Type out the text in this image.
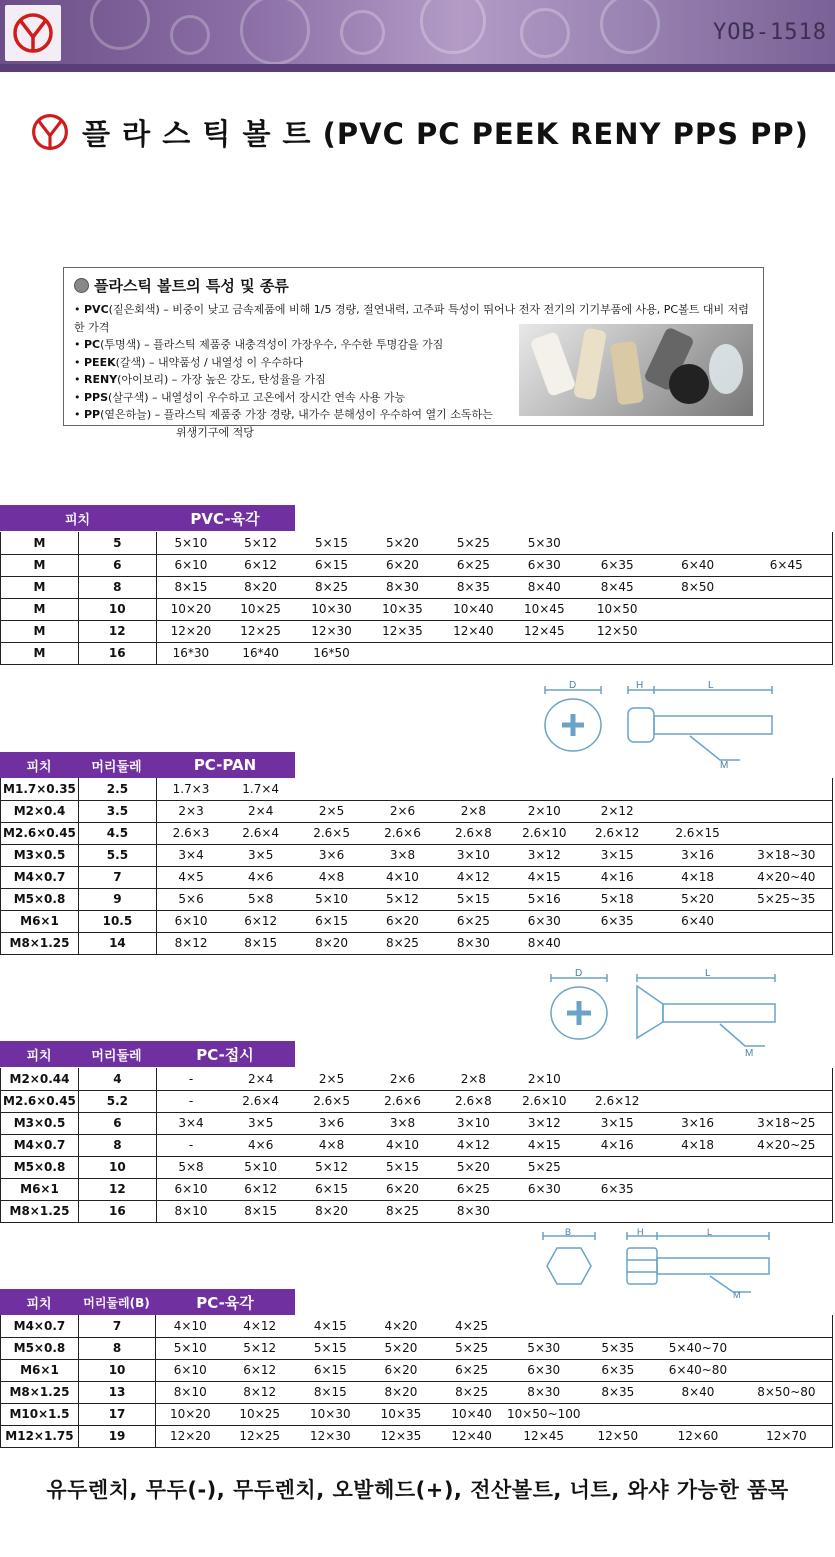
YOB-1518
플 라 스 틱 볼 트 (PVC PC PEEK RENY PPS PP)
플라스틱 볼트의 특성 및 종류
• PVC(짙은회색) – 비중이 낮고 금속제품에 비해 1/5 경량, 절연내력, 고주파 특성이 뛰어나 전자 전기의 기기부품에 사용, PC볼트 대비 저렴한 가격
• PC(투명색) – 플라스틱 제품중 내충격성이 가장우수, 우수한 투명감을 가짐
• PEEK(갈색) – 내약품성 / 내열성 이 우수하다
• RENY(아이보리) – 가장 높은 강도, 탄성율을 가짐
• PPS(살구색) – 내열성이 우수하고 고온에서 장시간 연속 사용 가능
• PP(옅은하늘) – 플라스틱 제품중 가장 경량, 내가수 분해성이 우수하여 열기 소독하는
위생기구에 적당
피치	PVC-육각
M	5	5×10	5×12	5×15	5×20	5×25	5×30			
M	6	6×10	6×12	6×15	6×20	6×25	6×30	6×35	6×40	6×45
M	8	8×15	8×20	8×25	8×30	8×35	8×40	8×45	8×50	
M	10	10×20	10×25	10×30	10×35	10×40	10×45	10×50		
M	12	12×20	12×25	12×30	12×35	12×40	12×45	12×50		
M	16	16*30	16*40	16*50						
D	H	L
M
피치	머리둘레	PC-PAN
M1.7×0.35	2.5	1.7×3	1.7×4							
M2×0.4	3.5	2×3	2×4	2×5	2×6	2×8	2×10	2×12		
M2.6×0.45	4.5	2.6×3	2.6×4	2.6×5	2.6×6	2.6×8	2.6×10	2.6×12	2.6×15	
M3×0.5	5.5	3×4	3×5	3×6	3×8	3×10	3×12	3×15	3×16	3×18~30
M4×0.7	7	4×5	4×6	4×8	4×10	4×12	4×15	4×16	4×18	4×20~40
M5×0.8	9	5×6	5×8	5×10	5×12	5×15	5×16	5×18	5×20	5×25~35
M6×1	10.5	6×10	6×12	6×15	6×20	6×25	6×30	6×35	6×40	
M8×1.25	14	8×12	8×15	8×20	8×25	8×30	8×40			
D	L
M
피치	머리둘레	PC-접시
M2×0.44	4	-	2×4	2×5	2×6	2×8	2×10			
M2.6×0.45	5.2	-	2.6×4	2.6×5	2.6×6	2.6×8	2.6×10	2.6×12		
M3×0.5	6	3×4	3×5	3×6	3×8	3×10	3×12	3×15	3×16	3×18~25
M4×0.7	8	-	4×6	4×8	4×10	4×12	4×15	4×16	4×18	4×20~25
M5×0.8	10	5×8	5×10	5×12	5×15	5×20	5×25			
M6×1	12	6×10	6×12	6×15	6×20	6×25	6×30	6×35		
M8×1.25	16	8×10	8×15	8×20	8×25	8×30				
B	H	L
M
피치	머리둘레(B)	PC-육각
M4×0.7	7	4×10	4×12	4×15	4×20	4×25				
M5×0.8	8	5×10	5×12	5×15	5×20	5×25	5×30	5×35	5×40~70	
M6×1	10	6×10	6×12	6×15	6×20	6×25	6×30	6×35	6×40~80	
M8×1.25	13	8×10	8×12	8×15	8×20	8×25	8×30	8×35	8×40	8×50~80
M10×1.5	17	10×20	10×25	10×30	10×35	10×40	10×50~100			
M12×1.75	19	12×20	12×25	12×30	12×35	12×40	12×45	12×50	12×60	12×70
유두렌치, 무두(-), 무두렌치, 오발헤드(+), 전산볼트, 너트, 와샤 가능한 품목
